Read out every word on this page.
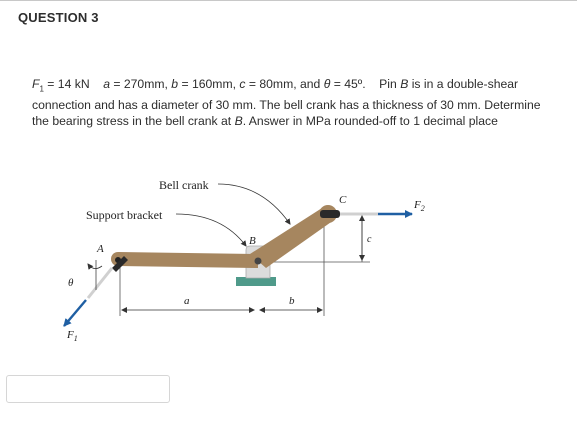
QUESTION 3
$F_1 = 14$ kN    a = 270mm, b = 160mm, c = 80mm, and θ = 45º.    Pin B is in a double-shear
connection and has a diameter of 30 mm. The bell crank has a thickness of 30 mm. Determine
the bearing stress in the bell crank at B. Answer in MPa rounded-off to 1 decimal place
Bell crank
Support bracket
A
B
C
c
a	b
θ
$F_1$
$F_2$
